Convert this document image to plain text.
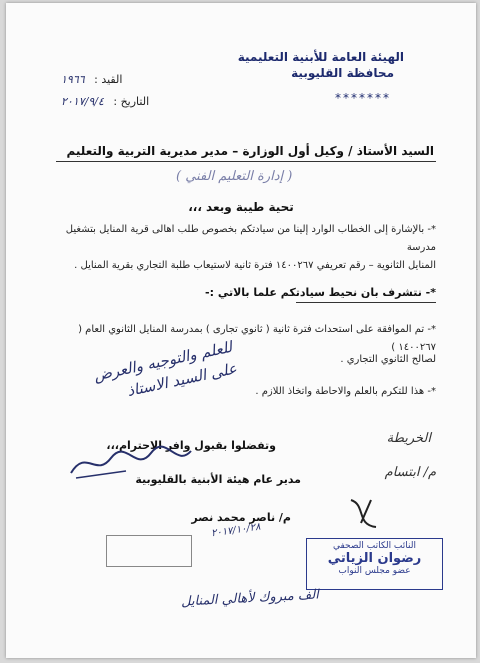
الهيئة العامة للأبنية التعليمية
محافظة القليوبية
*******
القيد : ١٩٦٦
التاريخ : ٢٠١٧/٩/٤
السيد الأستاذ / وكيل أول الوزارة – مدير مديرية التربية والتعليم
( إدارة التعليم الفني )
تحية طيبة وبعد ،،،
*- بالإشارة إلى الخطاب الوارد إلينا من سيادتكم بخصوص طلب اهالى قرية المنايل بتشغيل مدرسة
المنايل الثانوية – رقم تعريفي ١٤٠٠٢٦٧ فترة ثانية لاستيعاب طلبة التجاري بقرية المنايل .
*- نتشرف بان نحيط سيادتكم علما بالاتي :-
*- تم الموافقة على استحداث فترة ثانية ( ثانوي تجارى ) بمدرسة المنايل الثانوي العام ( ١٤٠٠٢٦٧ )
لصالح الثانوي التجاري .
*- هذا للتكرم بالعلم والاحاطة واتخاذ اللازم .
وتفضلوا بقبول وافر الاحترام،،،
مدير عام هيئة الأبنية بالقليوبية
م/ ناصر محمد نصر
للعلم والتوجيه والعرض على السيد الاستاذ
الخريطة
م/ ابتسام
٢٠١٧/١٠/٢٨
النائب الكاتب الصحفي
رضوان الزياتي
عضو مجلس النواب
الف مبروك لأهالي المنايل
